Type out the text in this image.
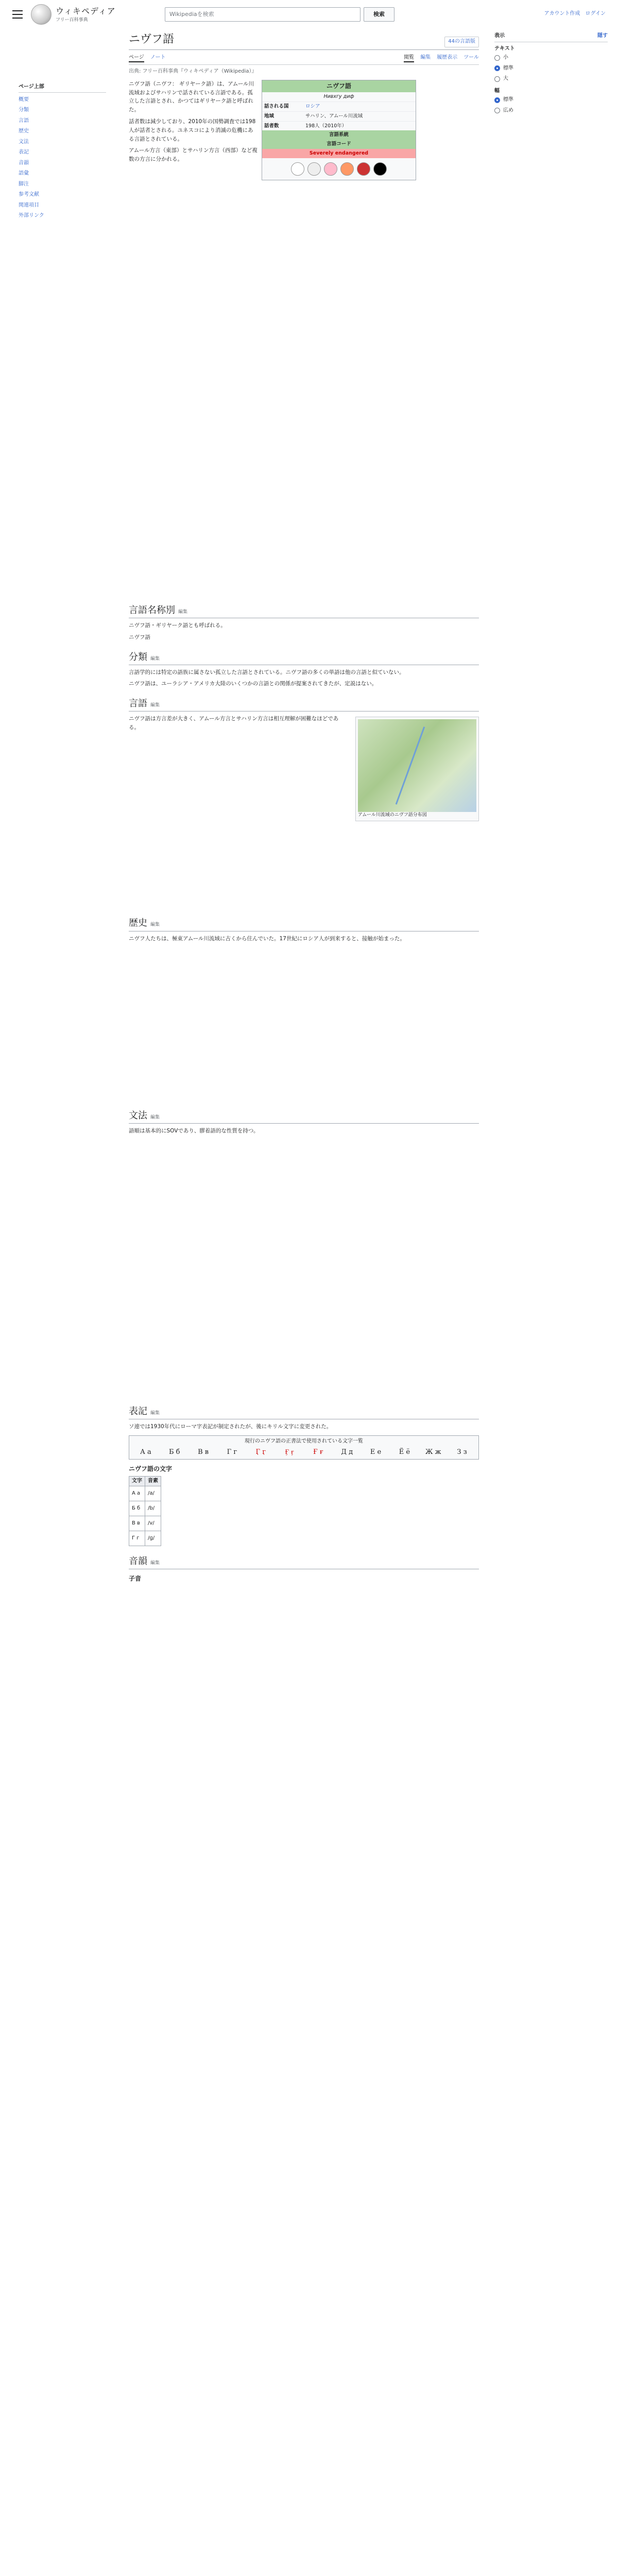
ウィキペディア
フリー百科事典
Wikipediaを検索	検索	アカウント作成 ログイン
ページ上部
概要
分類
言語
歴史
文法
表記
音韻
語彙
脚注
参考文献
関連項目
外部リンク
ニヴフ語	44の言語版
ページ ノート	閲覧 編集 履歴表示 ツール
出典: フリー百科事典『ウィキペディア（Wikipedia）』

ニヴフ語（ニヴフ： ギリヤーク語）は、アムール川流域およびサハリンで話されている言語である。孤立した言語とされ、かつてはギリヤーク語と呼ばれた。

話者数は減少しており、2010年の国勢調査では198人が話者とされる。ユネスコにより消滅の危機にある言語とされている。

アムール方言（東部）とサハリン方言（西部）など複数の方言に分かれる。

ニヴフ語
Нивхгу диф
話される国	ロシア
地域	サハリン、アムール川流域
話者数	198人（2010年）
言語系統
言語コード
Severely endangered
言語名称別 編集

ニヴフ語・ギリヤーク語とも呼ばれる。

ニヴフ語

分類 編集

言語学的には特定の語族に属さない孤立した言語とされている。ニヴフ語の多くの単語は他の言語と似ていない。

ニヴフ語は、ユーラシア・アメリカ大陸のいくつかの言語との関係が提案されてきたが、定説はない。

言語 編集
アムール川流域のニヴフ語分布図

ニヴフ語は方言差が大きく、アムール方言とサハリン方言は相互理解が困難なほどである。

歴史 編集

ニヴフ人たちは、極東アムール川流域に古くから住んでいた。17世紀にロシア人が到来すると、接触が始まった。

文法 編集

語順は基本的にSOVであり、膠着語的な性質を持つ。

表記 編集

ソ連では1930年代にローマ字表記が制定されたが、後にキリル文字に変更された。

現行のニヴフ語の正書法で使用されている文字一覧
А а	Б б	В в	Г г	Ӷ ӷ	Ӻ ӻ	Ғ ғ	Д д	Е е	Ё ё	Ж ж	З з
ニヴフ語の文字
文字	音素
А а	/a/
Б б	/b/
В в	/v/
Г г	/ɡ/
音韻 編集
子音
表示	隠す
テキスト
小
標準
大
幅
標準
広め
